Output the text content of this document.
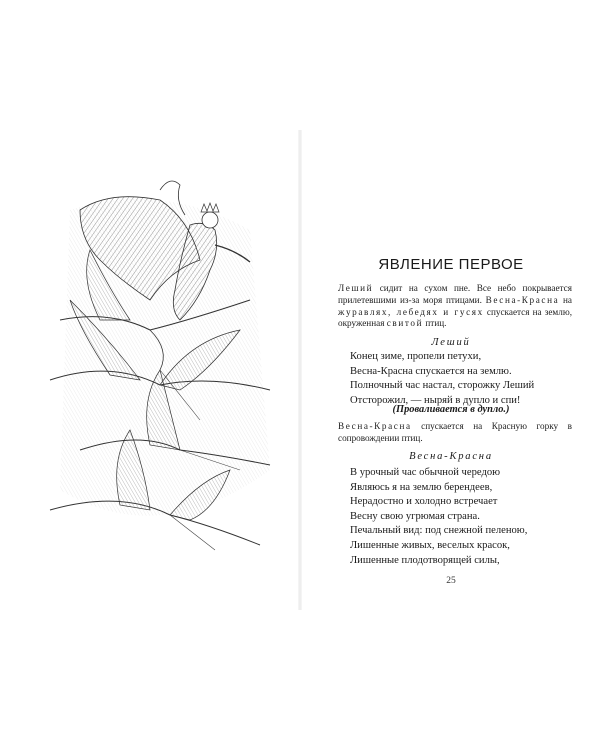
ЯВЛЕНИЕ ПЕРВОЕ
Леший сидит на сухом пне. Все небо покрывается прилетевшими из-за моря птицами. Весна-Красна на журавлях, лебедях и гусях спускается на землю, окруженная свитой птиц.
Леший
Конец зиме, пропели петухи,
Весна-Красна спускается на землю.
Полночный час настал, сторожку Леший
Отсторожил, — ныряй в дупло и спи!
(Проваливается в дупло.)
Весна-Красна спускается на Красную горку в сопровождении птиц.
Весна-Красна
В урочный час обычной чередою
Являюсь я на землю берендеев,
Нерадостно и холодно встречает
Весну свою угрюмая страна.
Печальный вид: под снежной пеленою,
Лишенные живых, веселых красок,
Лишенные плодотворящей силы,
25
